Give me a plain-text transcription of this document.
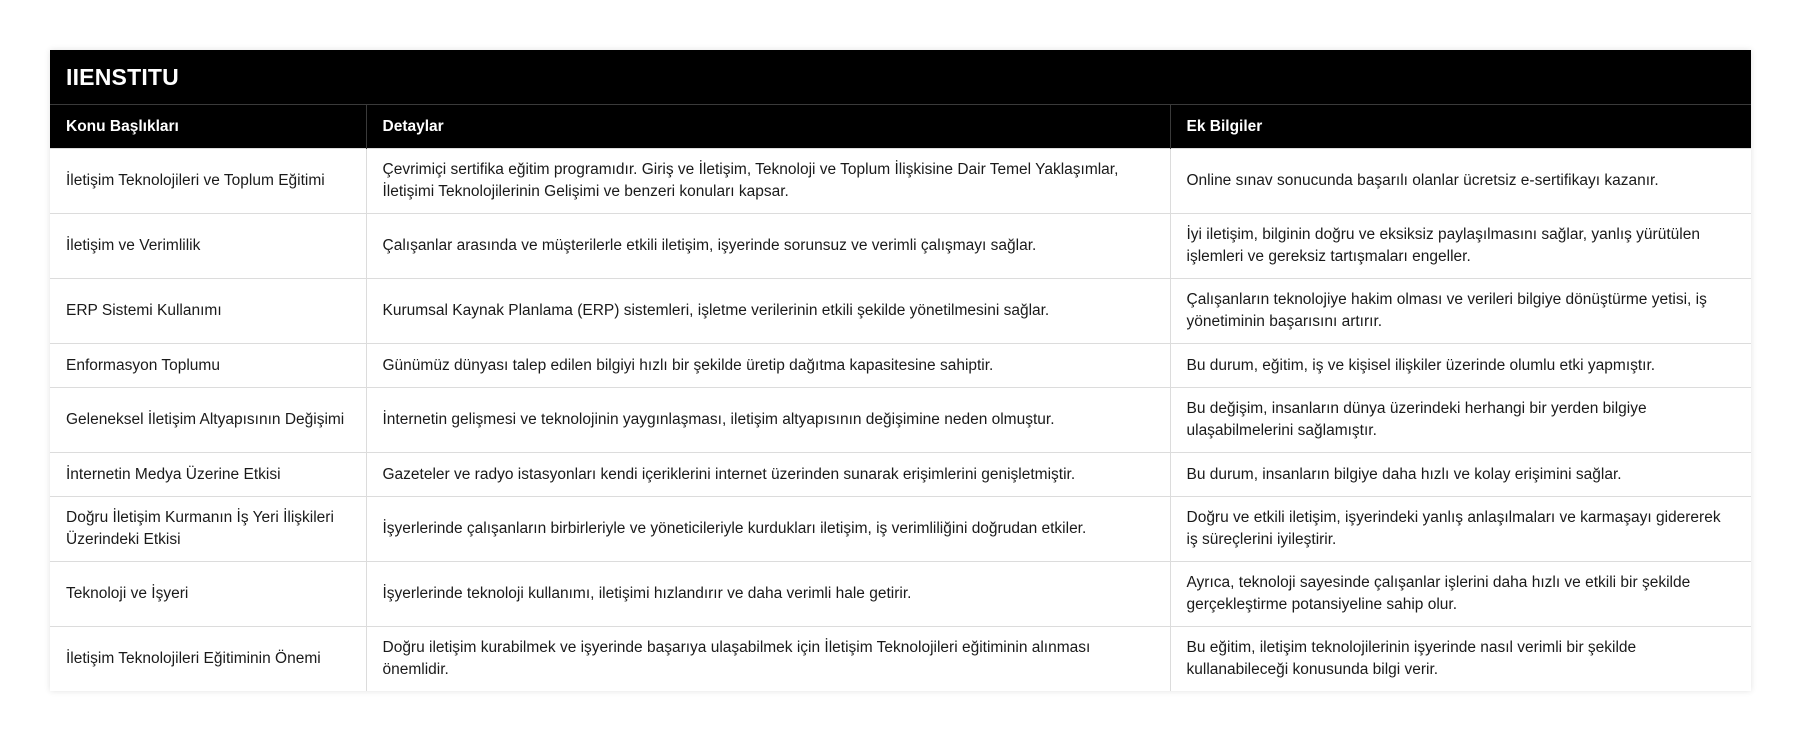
IIENSTITU
Konu Başlıkları	Detaylar	Ek Bilgiler
İletişim Teknolojileri ve Toplum Eğitimi	Çevrimiçi sertifika eğitim programıdır. Giriş ve İletişim, Teknoloji ve Toplum İlişkisine Dair Temel Yaklaşımlar, İletişimi Teknolojilerinin Gelişimi ve benzeri konuları kapsar.	Online sınav sonucunda başarılı olanlar ücretsiz e-sertifikayı kazanır.
İletişim ve Verimlilik	Çalışanlar arasında ve müşterilerle etkili iletişim, işyerinde sorunsuz ve verimli çalışmayı sağlar.	İyi iletişim, bilginin doğru ve eksiksiz paylaşılmasını sağlar, yanlış yürütülen işlemleri ve gereksiz tartışmaları engeller.
ERP Sistemi Kullanımı	Kurumsal Kaynak Planlama (ERP) sistemleri, işletme verilerinin etkili şekilde yönetilmesini sağlar.	Çalışanların teknolojiye hakim olması ve verileri bilgiye dönüştürme yetisi, iş yönetiminin başarısını artırır.
Enformasyon Toplumu	Günümüz dünyası talep edilen bilgiyi hızlı bir şekilde üretip dağıtma kapasitesine sahiptir.	Bu durum, eğitim, iş ve kişisel ilişkiler üzerinde olumlu etki yapmıştır.
Geleneksel İletişim Altyapısının Değişimi	İnternetin gelişmesi ve teknolojinin yaygınlaşması, iletişim altyapısının değişimine neden olmuştur.	Bu değişim, insanların dünya üzerindeki herhangi bir yerden bilgiye ulaşabilmelerini sağlamıştır.
İnternetin Medya Üzerine Etkisi	Gazeteler ve radyo istasyonları kendi içeriklerini internet üzerinden sunarak erişimlerini genişletmiştir.	Bu durum, insanların bilgiye daha hızlı ve kolay erişimini sağlar.
Doğru İletişim Kurmanın İş Yeri İlişkileri Üzerindeki Etkisi	İşyerlerinde çalışanların birbirleriyle ve yöneticileriyle kurdukları iletişim, iş verimliliğini doğrudan etkiler.	Doğru ve etkili iletişim, işyerindeki yanlış anlaşılmaları ve karmaşayı gidererek iş süreçlerini iyileştirir.
Teknoloji ve İşyeri	İşyerlerinde teknoloji kullanımı, iletişimi hızlandırır ve daha verimli hale getirir.	Ayrıca, teknoloji sayesinde çalışanlar işlerini daha hızlı ve etkili bir şekilde gerçekleştirme potansiyeline sahip olur.
İletişim Teknolojileri Eğitiminin Önemi	Doğru iletişim kurabilmek ve işyerinde başarıya ulaşabilmek için İletişim Teknolojileri eğitiminin alınması önemlidir.	Bu eğitim, iletişim teknolojilerinin işyerinde nasıl verimli bir şekilde kullanabileceği konusunda bilgi verir.
